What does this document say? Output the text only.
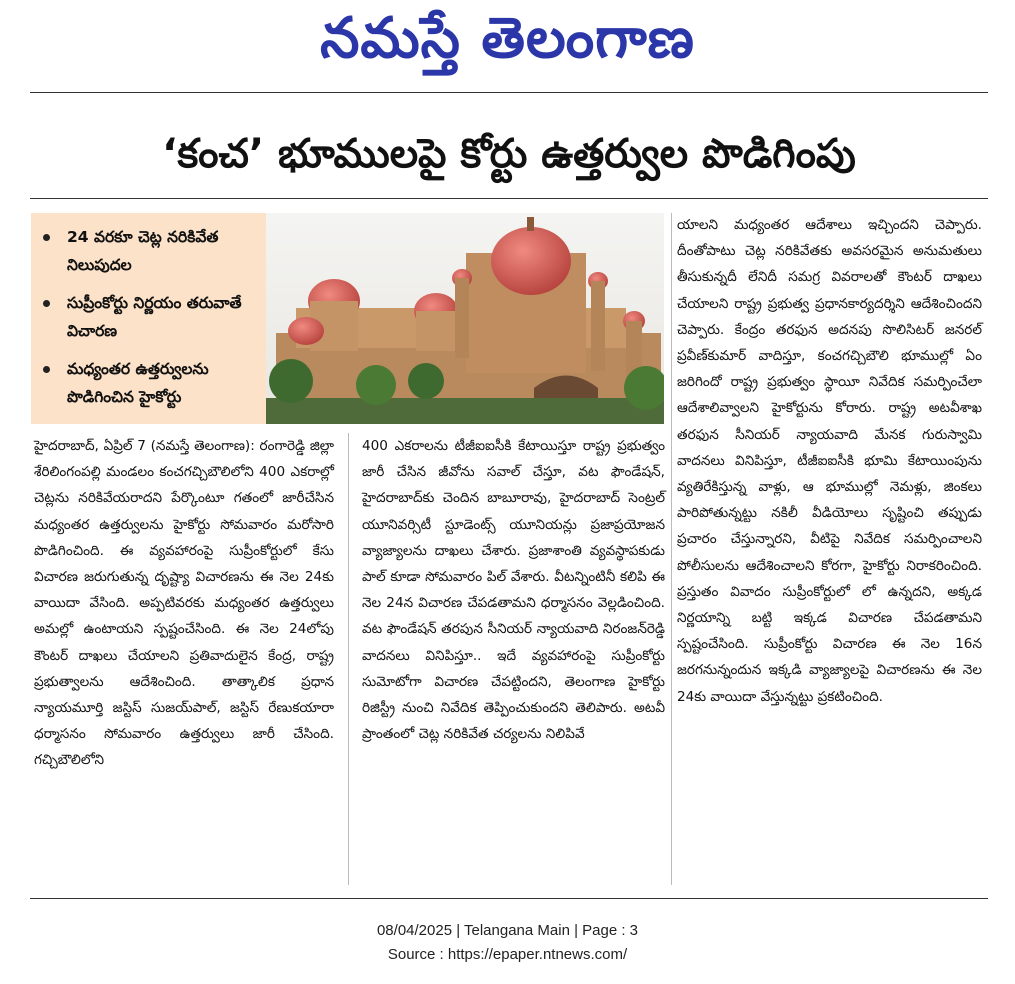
నమస్తే తెలంగాణ
‘కంచ’ భూములపై కోర్టు ఉత్తర్వుల పొడిగింపు
24 వరకూ చెట్ల నరికివేత నిలుపుదల
సుప్రీంకోర్టు నిర్ణయం తరువాతే విచారణ
మధ్యంతర ఉత్తర్వులను పొడిగించిన హైకోర్టు
హైదరాబాద్, ఏప్రిల్ 7 (నమస్తే తెలంగాణ): రంగారెడ్డి జిల్లా శేరిలింగంపల్లి మండలం కంచగచ్చిబౌలిలోని 400 ఎకరాల్లో చెట్లను నరికివేయరాదని పేర్కొంటూ గతంలో జారీచేసిన మధ్యంతర ఉత్తర్వులను హైకోర్టు సోమవారం మరోసారి పొడిగించింది. ఈ వ్యవహారంపై సుప్రీంకోర్టులో కేసు విచారణ జరుగుతున్న దృష్ట్యా విచారణను ఈ నెల 24కు వాయిదా వేసింది. అప్పటివరకు మధ్యంతర ఉత్తర్వులు అమల్లో ఉంటాయని స్పష్టంచేసింది. ఈ నెల 24లోపు కౌంటర్ దాఖలు చేయాలని ప్రతివాదులైన కేంద్ర, రాష్ట్ర ప్రభుత్వాలను ఆదేశించింది. తాత్కాలిక ప్రధాన న్యాయమూర్తి జస్టిస్ సుజయ్‌పాల్, జస్టిస్ రేణుకయారా ధర్మాసనం సోమవారం ఉత్తర్వులు జారీ చేసింది. గచ్చిబౌలిలోని
400 ఎకరాలను టీజీఐఐసీకి కేటాయిస్తూ రాష్ట్ర ప్రభుత్వం జారీ చేసిన జీవోను సవాల్ చేస్తూ, వట ఫౌండేషన్, హైదరాబాద్‌కు చెందిన బాబూరావు, హైదరాబాద్ సెంట్రల్ యూనివర్సిటీ స్టూడెంట్స్ యూనియన్లు ప్రజాప్రయోజన వ్యాజ్యాలను దాఖలు చేశారు. ప్రజాశాంతి వ్యవస్థాపకుడు పాల్ కూడా సోమవారం పిల్ వేశారు. వీటన్నింటినీ కలిపి ఈ నెల 24న విచారణ చేపడతామని ధర్మాసనం వెల్లడించింది. వట ఫౌండేషన్ తరపున సీనియర్ న్యాయవాది నిరంజన్‌రెడ్డి వాదనలు వినిపిస్తూ.. ఇదే వ్యవహారంపై సుప్రీంకోర్టు సుమోటోగా విచారణ చేపట్టిందని, తెలంగాణ హైకోర్టు రిజిస్ట్రీ నుంచి నివేదిక తెప్పించుకుందని తెలిపారు. అటవీ ప్రాంతంలో చెట్ల నరికివేత చర్యలను నిలిపివే
యాలని మధ్యంతర ఆదేశాలు ఇచ్చిందని చెప్పారు. దీంతోపాటు చెట్ల నరికివేతకు అవసరమైన అనుమతులు తీసుకున్నదీ లేనిదీ సమగ్ర వివరాలతో కౌంటర్ దాఖలు చేయాలని రాష్ట్ర ప్రభుత్వ ప్రధానకార్యదర్శిని ఆదేశించిందని చెప్పారు. కేంద్రం తరఫున అదనపు సొలిసిటర్ జనరల్ ప్రవీణ్‌కుమార్ వాదిస్తూ, కంచగచ్చిబౌలి భూముల్లో ఏం జరిగిందో రాష్ట్ర ప్రభుత్వం స్థాయీ నివేదిక సమర్పించేలా ఆదేశాలివ్వాలని హైకోర్టును కోరారు. రాష్ట్ర అటవీశాఖ తరఫున సీనియర్ న్యాయవాది మేనక గురుస్వామి వాదనలు వినిపిస్తూ, టీజీఐఐసీకి భూమి కేటాయింపును వ్యతిరేకిస్తున్న వాళ్లు, ఆ భూముల్లో నెమళ్లు, జింకలు పారిపోతున్నట్టు నకిలీ వీడియోలు సృష్టించి తప్పుడు ప్రచారం చేస్తున్నారని, వీటిపై నివేదిక సమర్పించాలని పోలీసులను ఆదేశించాలని కోరగా, హైకోర్టు నిరాకరించింది. ప్రస్తుతం వివాదం సుప్రీంకోర్టులో లో ఉన్నదని, అక్కడ నిర్ణయాన్ని బట్టి ఇక్కడ విచారణ చేపడతామని స్పష్టంచేసింది. సుప్రీంకోర్టు విచారణ ఈ నెల 16న జరగనున్నందున ఇక్కడి వ్యాజ్యాలపై విచారణను ఈ నెల 24కు వాయిదా వేస్తున్నట్టు ప్రకటించింది.
08/04/2025 | Telangana Main | Page : 3
Source : https://epaper.ntnews.com/
